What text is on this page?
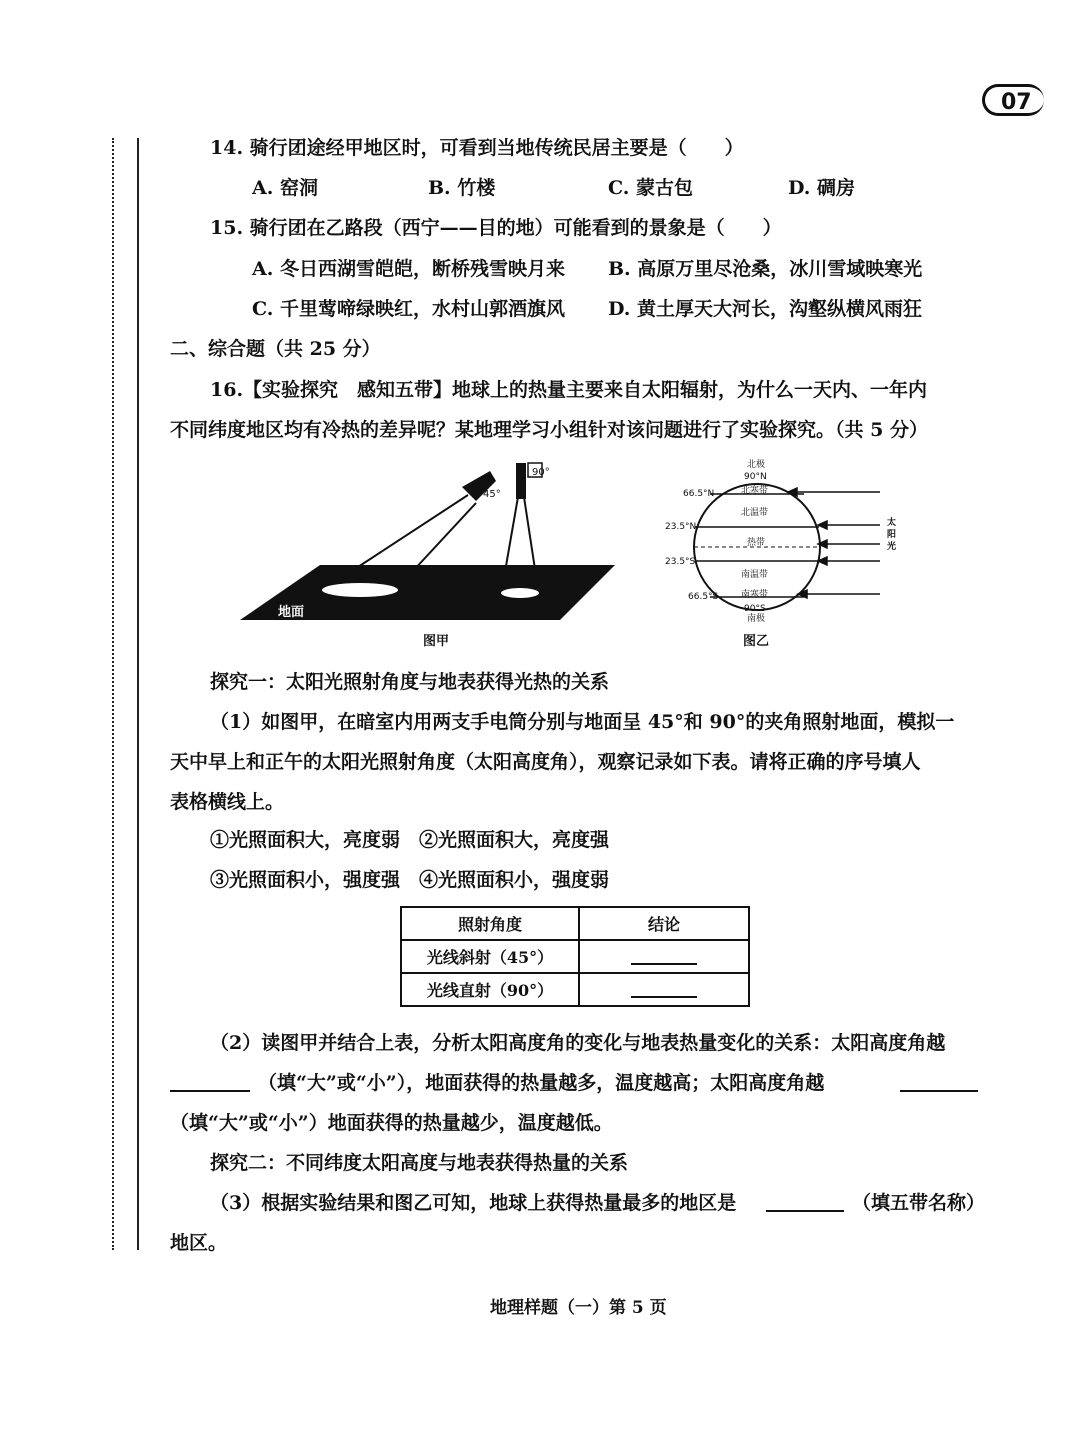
07
14. 骑行团途经甲地区时，可看到当地传统民居主要是（　　）
A. 窑洞	B. 竹楼	C. 蒙古包	D. 碉房
15. 骑行团在乙路段（西宁——目的地）可能看到的景象是（　　）
A. 冬日西湖雪皑皑，断桥残雪映月来 B. 高原万里尽沧桑，冰川雪域映寒光
C. 千里莺啼绿映红，水村山郭酒旗风 D. 黄土厚天大河长，沟壑纵横风雨狂
二、综合题（共 25 分）
16.【实验探究　感知五带】地球上的热量主要来自太阳辐射，为什么一天内、一年内
不同纬度地区均有冷热的差异呢？某地理学习小组针对该问题进行了实验探究。（共 5 分）
45°
90°
地面
图甲
北极
90°N
66.5°N
23.5°N
23.5°S
66.5°S
北寒带
北温带
热带
南温带
南寒带
90°S
南极
太
阳
光
图乙
探究一：太阳光照射角度与地表获得光热的关系
（1）如图甲，在暗室内用两支手电筒分别与地面呈 45°和 90°的夹角照射地面，模拟一
天中早上和正午的太阳光照射角度（太阳高度角），观察记录如下表。请将正确的序号填人
表格横线上。
①光照面积大，亮度弱　②光照面积大，亮度强
③光照面积小，强度强　④光照面积小，强度弱
照射角度	结论
光线斜射（45°）	
光线直射（90°）	
（2）读图甲并结合上表，分析太阳高度角的变化与地表热量变化的关系：太阳高度角越
（填“大”或“小”），地面获得的热量越多，温度越高；太阳高度角越
（填“大”或“小”）地面获得的热量越少，温度越低。
探究二：不同纬度太阳高度与地表获得热量的关系
（3）根据实验结果和图乙可知，地球上获得热量最多的地区是	（填五带名称）
地区。
地理样题（一）第 5 页
